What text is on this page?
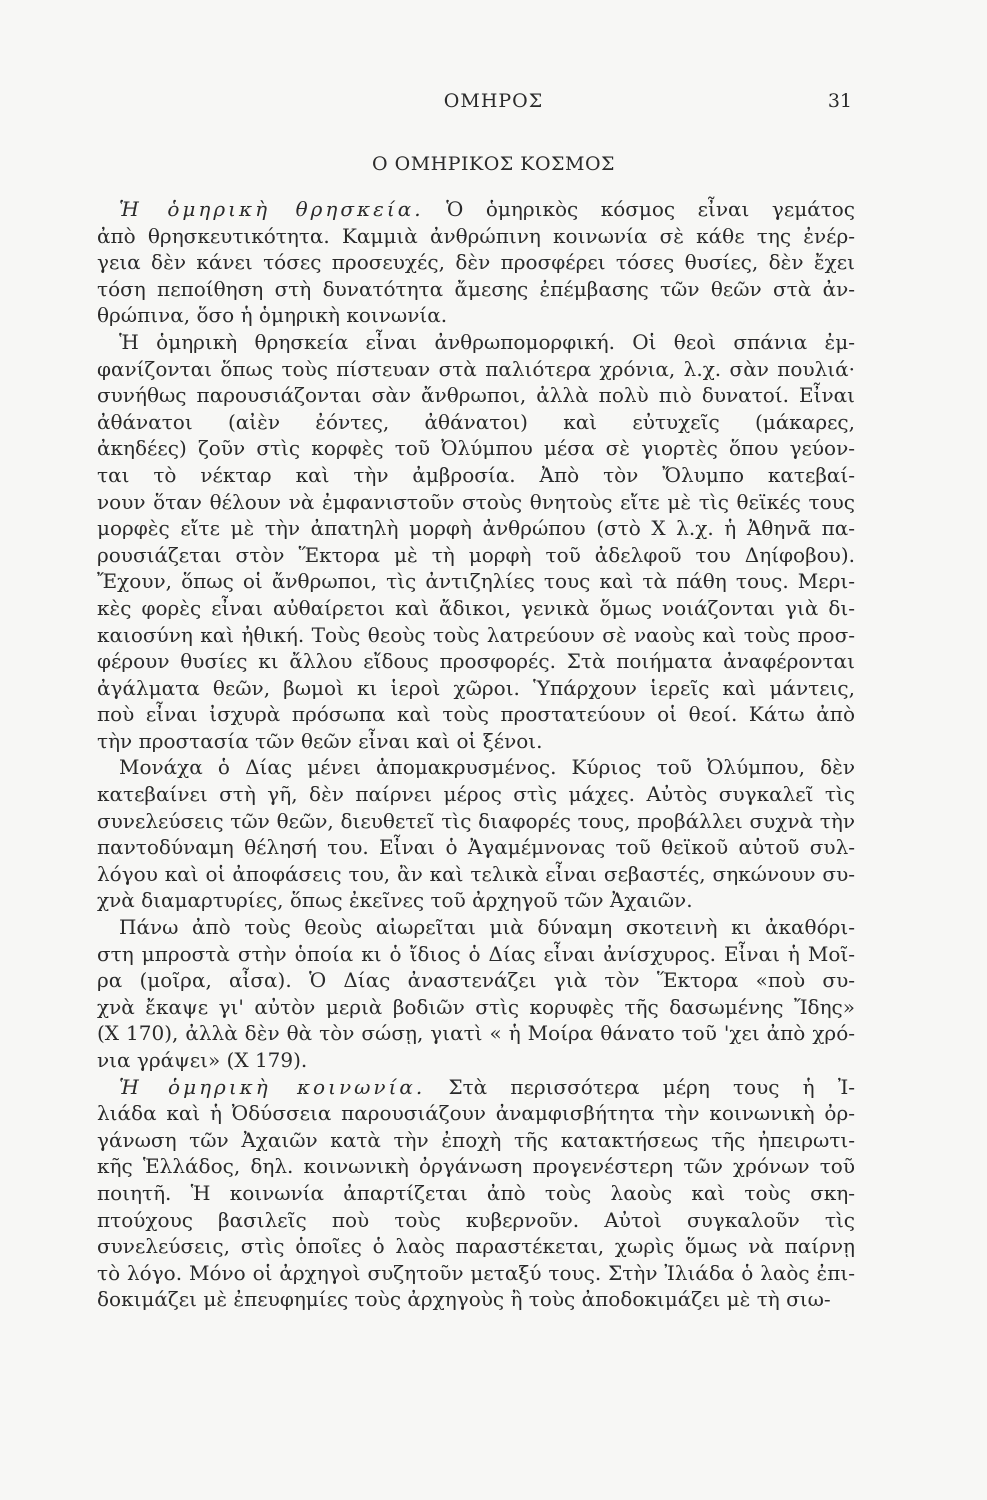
ΟΜΗΡΟΣ	31
Ο ΟΜΗΡΙΚΟΣ ΚΟΣΜΟΣ
Ἡ ὁμηρικὴ θρησκεία. Ὁ ὁμηρικὸς κόσμος εἶναι γεμάτος
ἀπὸ θρησκευτικότητα. Καμμιὰ ἀνθρώπινη κοινωνία σὲ κάθε της ἐνέρ-
γεια δὲν κάνει τόσες προσευχές, δὲν προσφέρει τόσες θυσίες, δὲν ἔχει
τόση πεποίθηση στὴ δυνατότητα ἄμεσης ἐπέμβασης τῶν θεῶν στὰ ἀν-
θρώπινα, ὅσο ἡ ὁμηρικὴ κοινωνία.
Ἡ ὁμηρικὴ θρησκεία εἶναι ἀνθρωπομορφική. Οἱ θεοὶ σπάνια ἐμ-
φανίζονται ὅπως τοὺς πίστευαν στὰ παλιότερα χρόνια, λ.χ. σὰν πουλιά·
συνήθως παρουσιάζονται σὰν ἄνθρωποι, ἀλλὰ πολὺ πιὸ δυνατοί. Εἶναι
ἀθάνατοι (αἰὲν ἐόντες, ἀθάνατοι) καὶ εὐτυχεῖς (μάκαρες,
ἀκηδέες) ζοῦν στὶς κορφὲς τοῦ Ὀλύμπου μέσα σὲ γιορτὲς ὅπου γεύον-
ται τὸ νέκταρ καὶ τὴν ἀμβροσία. Ἀπὸ τὸν Ὄλυμπο κατεβαί-
νουν ὅταν θέλουν νὰ ἐμφανιστοῦν στοὺς θνητοὺς εἴτε μὲ τὶς θεϊκές τους
μορφὲς εἴτε μὲ τὴν ἀπατηλὴ μορφὴ ἀνθρώπου (στὸ Χ λ.χ. ἡ Ἀθηνᾶ πα-
ρουσιάζεται στὸν Ἕκτορα μὲ τὴ μορφὴ τοῦ ἀδελφοῦ του Δηίφοβου).
Ἔχουν, ὅπως οἱ ἄνθρωποι, τὶς ἀντιζηλίες τους καὶ τὰ πάθη τους. Μερι-
κὲς φορὲς εἶναι αὐθαίρετοι καὶ ἄδικοι, γενικὰ ὅμως νοιάζονται γιὰ δι-
καιοσύνη καὶ ἠθική. Τοὺς θεοὺς τοὺς λατρεύουν σὲ ναοὺς καὶ τοὺς προσ-
φέρουν θυσίες κι ἄλλου εἴδους προσφορές. Στὰ ποιήματα ἀναφέρονται
ἀγάλματα θεῶν, βωμοὶ κι ἱεροὶ χῶροι. Ὑπάρχουν ἱερεῖς καὶ μάντεις,
ποὺ εἶναι ἰσχυρὰ πρόσωπα καὶ τοὺς προστατεύουν οἱ θεοί. Κάτω ἀπὸ
τὴν προστασία τῶν θεῶν εἶναι καὶ οἱ ξένοι.
Μονάχα ὁ Δίας μένει ἀπομακρυσμένος. Κύριος τοῦ Ὀλύμπου, δὲν
κατεβαίνει στὴ γῆ, δὲν παίρνει μέρος στὶς μάχες. Αὐτὸς συγκαλεῖ τὶς
συνελεύσεις τῶν θεῶν, διευθετεῖ τὶς διαφορές τους, προβάλλει συχνὰ τὴν
παντοδύναμη θέλησή του. Εἶναι ὁ Ἀγαμέμνονας τοῦ θεϊκοῦ αὐτοῦ συλ-
λόγου καὶ οἱ ἀποφάσεις του, ἂν καὶ τελικὰ εἶναι σεβαστές, σηκώνουν συ-
χνὰ διαμαρτυρίες, ὅπως ἐκεῖνες τοῦ ἀρχηγοῦ τῶν Ἀχαιῶν.
Πάνω ἀπὸ τοὺς θεοὺς αἰωρεῖται μιὰ δύναμη σκοτεινὴ κι ἀκαθόρι-
στη μπροστὰ στὴν ὁποία κι ὁ ἴδιος ὁ Δίας εἶναι ἀνίσχυρος. Εἶναι ἡ Μοῖ-
ρα (μοῖρα, αἶσα). Ὁ Δίας ἀναστενάζει γιὰ τὸν Ἕκτορα «ποὺ συ-
χνὰ ἔκαψε γι' αὐτὸν μεριὰ βοδιῶν στὶς κορυφὲς τῆς δασωμένης Ἴδης»
(Χ 170), ἀλλὰ δὲν θὰ τὸν σώσῃ, γιατὶ « ἡ Μοίρα θάνατο τοῦ 'χει ἀπὸ χρό-
νια γράψει» (Χ 179).
Ἡ ὁμηρικὴ κοινωνία. Στὰ περισσότερα μέρη τους ἡ Ἰ-
λιάδα καὶ ἡ Ὀδύσσεια παρουσιάζουν ἀναμφισβήτητα τὴν κοινωνικὴ ὀρ-
γάνωση τῶν Ἀχαιῶν κατὰ τὴν ἐποχὴ τῆς κατακτήσεως τῆς ἠπειρωτι-
κῆς Ἑλλάδος, δηλ. κοινωνικὴ ὀργάνωση προγενέστερη τῶν χρόνων τοῦ
ποιητῆ. Ἡ κοινωνία ἀπαρτίζεται ἀπὸ τοὺς λαοὺς καὶ τοὺς σκη-
πτούχους βασιλεῖς ποὺ τοὺς κυβερνοῦν. Αὐτοὶ συγκαλοῦν τὶς
συνελεύσεις, στὶς ὁποῖες ὁ λαὸς παραστέκεται, χωρὶς ὅμως νὰ παίρνῃ
τὸ λόγο. Μόνο οἱ ἀρχηγοὶ συζητοῦν μεταξύ τους. Στὴν Ἰλιάδα ὁ λαὸς ἐπι-
δοκιμάζει μὲ ἐπευφημίες τοὺς ἀρχηγοὺς ἢ τοὺς ἀποδοκιμάζει μὲ τὴ σιω-
